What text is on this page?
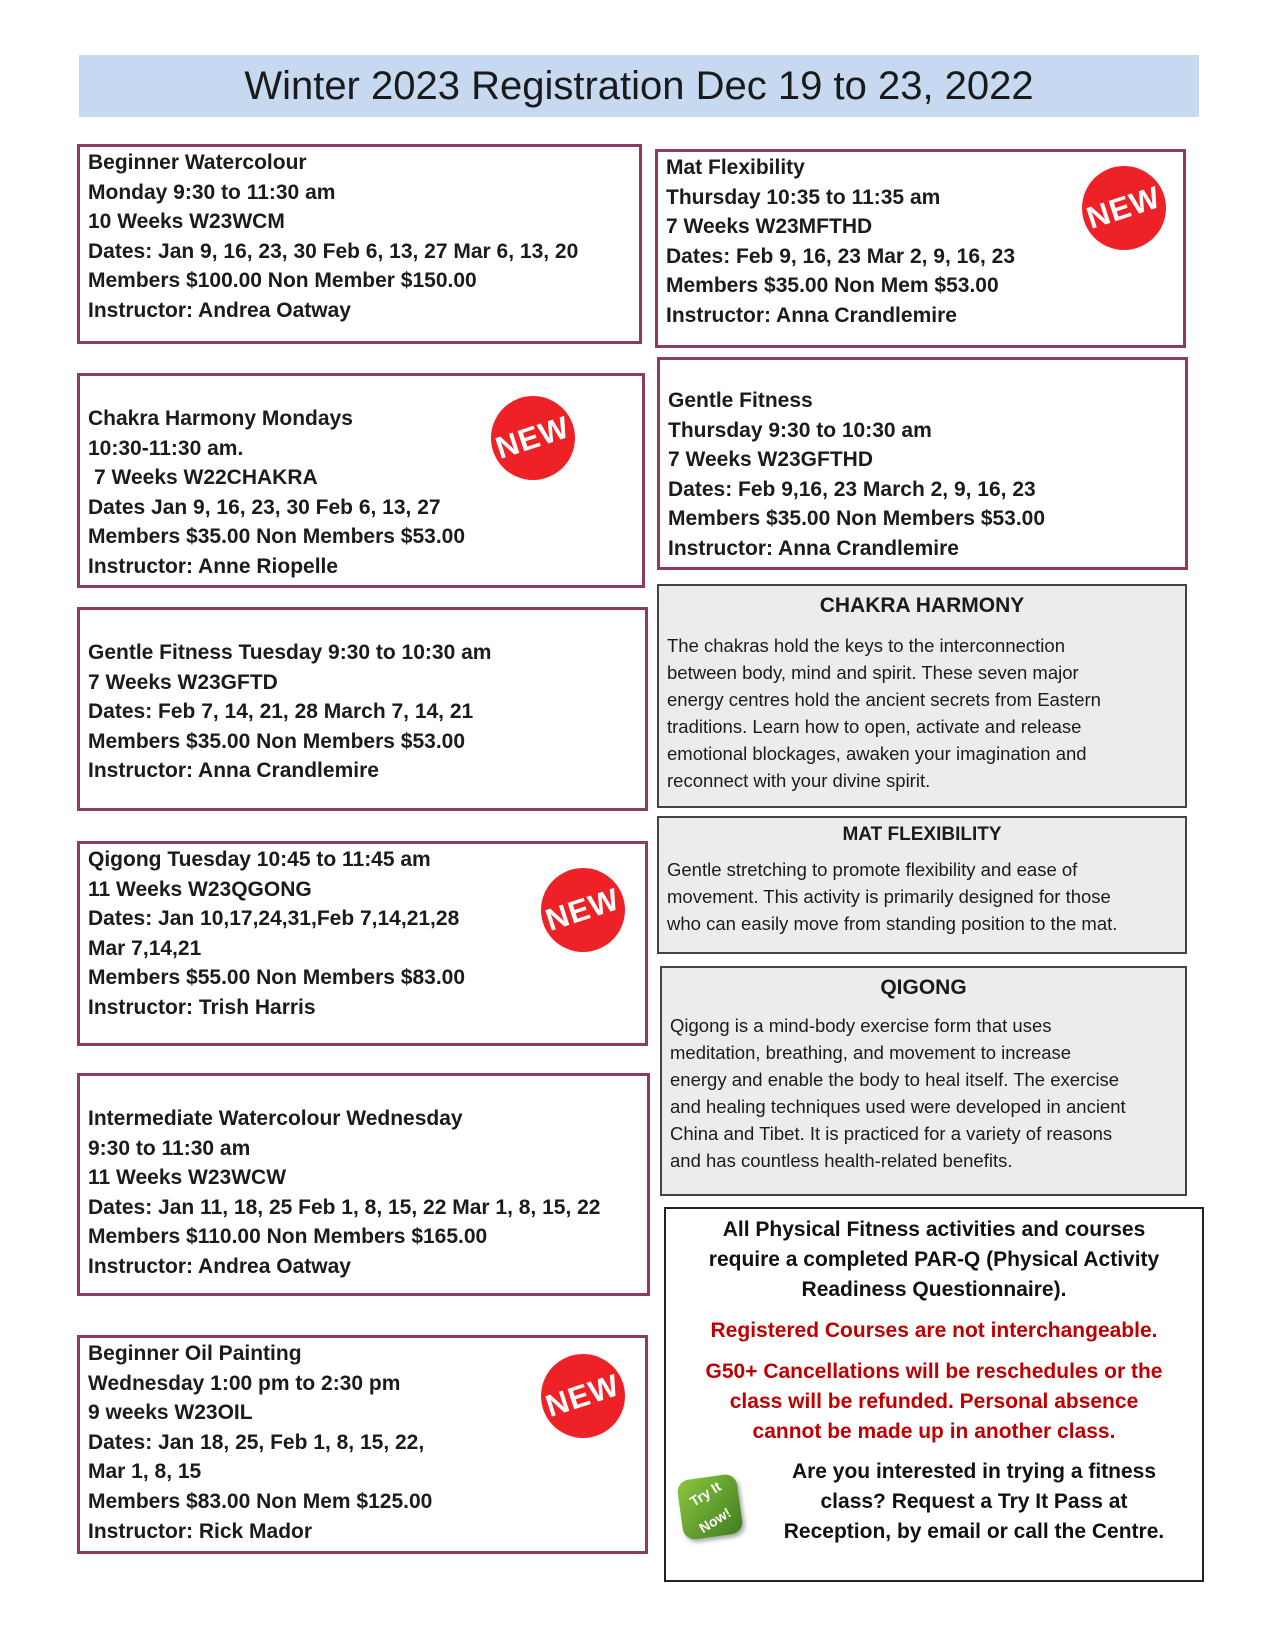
Winter 2023 Registration Dec 19 to 23, 2022
Beginner Watercolour
Monday 9:30 to 11:30 am
10 Weeks W23WCM
Dates: Jan 9, 16, 23, 30 Feb 6, 13, 27 Mar 6, 13, 20
Members $100.00 Non Member $150.00
Instructor: Andrea Oatway
Chakra Harmony Mondays
10:30-11:30 am.
7 Weeks W22CHAKRA
Dates Jan 9, 16, 23, 30 Feb 6, 13, 27
Members $35.00 Non Members $53.00
Instructor: Anne Riopelle
NEW
Gentle Fitness Tuesday 9:30 to 10:30 am
7 Weeks W23GFTD
Dates: Feb 7, 14, 21, 28 March 7, 14, 21
Members $35.00 Non Members $53.00
Instructor: Anna Crandlemire
Qigong Tuesday 10:45 to 11:45 am
11 Weeks W23QGONG
Dates: Jan 10,17,24,31,Feb 7,14,21,28
Mar 7,14,21
Members $55.00 Non Members $83.00
Instructor: Trish Harris
NEW
Intermediate Watercolour Wednesday
9:30 to 11:30 am
11 Weeks W23WCW
Dates: Jan 11, 18, 25 Feb 1, 8, 15, 22 Mar 1, 8, 15, 22
Members $110.00 Non Members $165.00
Instructor: Andrea Oatway
Beginner Oil Painting
Wednesday 1:00 pm to 2:30 pm
9 weeks W23OIL
Dates: Jan 18, 25, Feb 1, 8, 15, 22,
Mar 1, 8, 15
Members $83.00 Non Mem $125.00
Instructor: Rick Mador
NEW
Mat Flexibility
Thursday 10:35 to 11:35 am
7 Weeks W23MFTHD
Dates: Feb 9, 16, 23 Mar 2, 9, 16, 23
Members $35.00 Non Mem $53.00
Instructor: Anna Crandlemire
NEW
Gentle Fitness
Thursday 9:30 to 10:30 am
7 Weeks W23GFTHD
Dates: Feb 9,16, 23 March 2, 9, 16, 23
Members $35.00 Non Members $53.00
Instructor: Anna Crandlemire
CHAKRA HARMONY
The chakras hold the keys to the interconnection
between body, mind and spirit. These seven major
energy centres hold the ancient secrets from Eastern
traditions. Learn how to open, activate and release
emotional blockages, awaken your imagination and
reconnect with your divine spirit.
MAT FLEXIBILITY
Gentle stretching to promote flexibility and ease of
movement. This activity is primarily designed for those
who can easily move from standing position to the mat.
QIGONG
Qigong is a mind-body exercise form that uses
meditation, breathing, and movement to increase
energy and enable the body to heal itself. The exercise
and healing techniques used were developed in ancient
China and Tibet. It is practiced for a variety of reasons
and has countless health-related benefits.

All Physical Fitness activities and courses

require a completed PAR-Q (Physical Activity

Readiness Questionnaire).

Registered Courses are not interchangeable.

G50+ Cancellations will be reschedules or the

class will be refunded. Personal absence

cannot be made up in another class.

Are you interested in trying a fitness

class? Request a Try It Pass at

Reception, by email or call the Centre.

Try It

Now!
